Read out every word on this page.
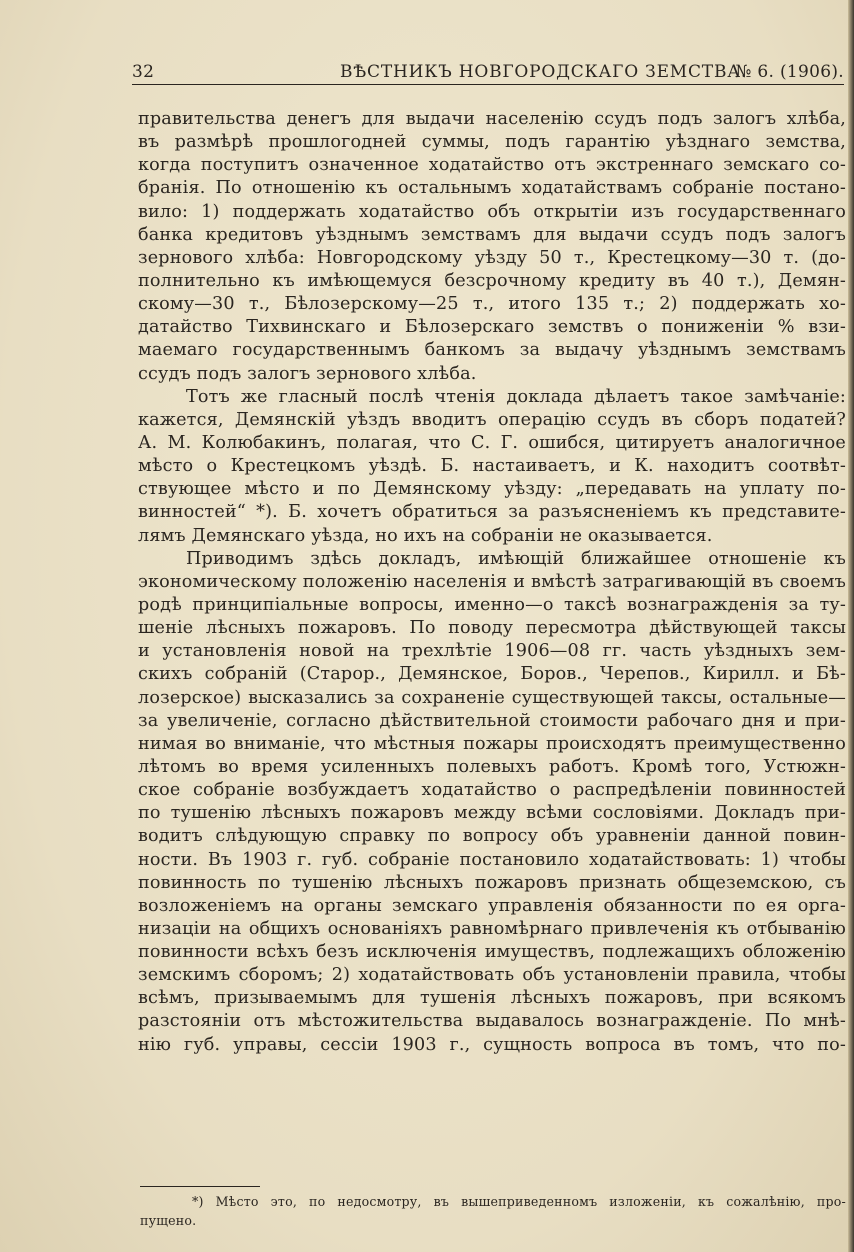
32	ВѢСТНИКЪ НОВГОРОДСКАГО ЗЕМСТВА.
№ 6. (1906).
правительства денегъ для выдачи населенію ссудъ подъ залогъ хлѣба,
въ размѣрѣ прошлогодней суммы, подъ гарантію уѣзднаго земства,
когда поступитъ означенное ходатайство отъ экстреннаго земскаго со-
бранія. По отношенію къ остальнымъ ходатайствамъ собраніе постано-
вило: 1) поддержать ходатайство объ открытіи изъ государственнаго
банка кредитовъ уѣзднымъ земствамъ для выдачи ссудъ подъ залогъ
зернового хлѣба: Новгородскому уѣзду 50 т., Крестецкому—30 т. (до-
полнительно къ имѣющемуся безсрочному кредиту въ 40 т.), Демян-
скому—30 т., Бѣлозерскому—25 т., итого 135 т.; 2) поддержать хо-
датайство Тихвинскаго и Бѣлозерскаго земствъ о пониженіи % взи-
маемаго государственнымъ банкомъ за выдачу уѣзднымъ земствамъ
ссудъ подъ залогъ зернового хлѣба.
Тотъ же гласный послѣ чтенія доклада дѣлаетъ такое замѣчаніе:
кажется, Демянскій уѣздъ вводитъ операцію ссудъ въ сборъ податей?
А. М. Колюбакинъ, полагая, что С. Г. ошибся, цитируетъ аналогичное
мѣсто о Крестецкомъ уѣздѣ. Б. настаиваетъ, и К. находитъ соотвѣт-
ствующее мѣсто и по Демянскому уѣзду: „передавать на уплату по-
винностей“ *). Б. хочетъ обратиться за разъясненіемъ къ представите-
лямъ Демянскаго уѣзда, но ихъ на собраніи не оказывается.
Приводимъ здѣсь докладъ, имѣющій ближайшее отношеніе къ
экономическому положенію населенія и вмѣстѣ затрагивающій въ своемъ
родѣ принципіальные вопросы, именно—о таксѣ вознагражденія за ту-
шеніе лѣсныхъ пожаровъ. По поводу пересмотра дѣйствующей таксы
и установленія новой на трехлѣтіе 1906—08 гг. часть уѣздныхъ зем-
скихъ собраній (Старор., Демянское, Боров., Черепов., Кирилл. и Бѣ-
лозерское) высказались за сохраненіе существующей таксы, остальные—
за увеличеніе, согласно дѣйствительной стоимости рабочаго дня и при-
нимая во вниманіе, что мѣстныя пожары происходятъ преимущественно
лѣтомъ во время усиленныхъ полевыхъ работъ. Кромѣ того, Устюжн-
ское собраніе возбуждаетъ ходатайство о распредѣленіи повинностей
по тушенію лѣсныхъ пожаровъ между всѣми сословіями. Докладъ при-
водитъ слѣдующую справку по вопросу объ уравненіи данной повин-
ности. Въ 1903 г. губ. собраніе постановило ходатайствовать: 1) чтобы
повинность по тушенію лѣсныхъ пожаровъ признать общеземскою, съ
возложеніемъ на органы земскаго управленія обязанности по ея орга-
низаціи на общихъ основаніяхъ равномѣрнаго привлеченія къ отбыванію
повинности всѣхъ безъ исключенія имуществъ, подлежащихъ обложенію
земскимъ сборомъ; 2) ходатайствовать объ установленіи правила, чтобы
всѣмъ, призываемымъ для тушенія лѣсныхъ пожаровъ, при всякомъ
разстояніи отъ мѣстожительства выдавалось вознагражденіе. По мнѣ-
нію губ. управы, сессіи 1903 г., сущность вопроса въ томъ, что по-
*) Мѣсто это, по недосмотру, въ вышеприведенномъ изложеніи, къ сожалѣнію, про-
пущено.
